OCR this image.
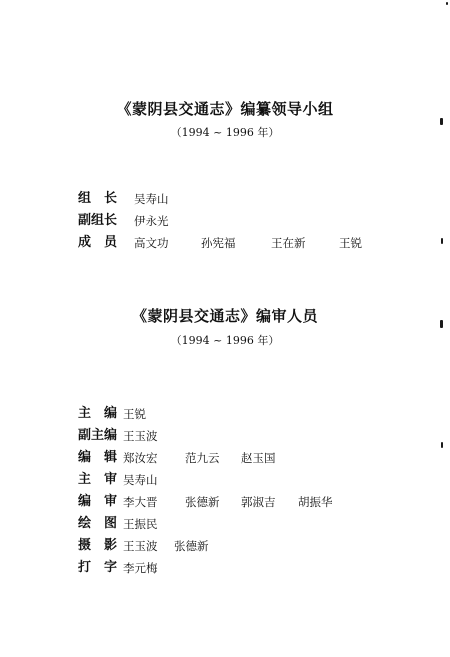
《蒙阴县交通志》编纂领导小组
（1994 ~ 1996 年）
组　长 吴寿山
副组长 伊永光
成　员 高文功	孙宪福	王在新	王锐
《蒙阴县交通志》编审人员
（1994 ~ 1996 年）
主　编 王锐
副主编 王玉波
编　辑 郑汝宏 范九云 赵玉国
主　审 吴寿山
编　审 李大晋 张德新 郭淑吉 胡振华
绘　图 王振民
摄　影 王玉波 张德新
打　字 李元梅
